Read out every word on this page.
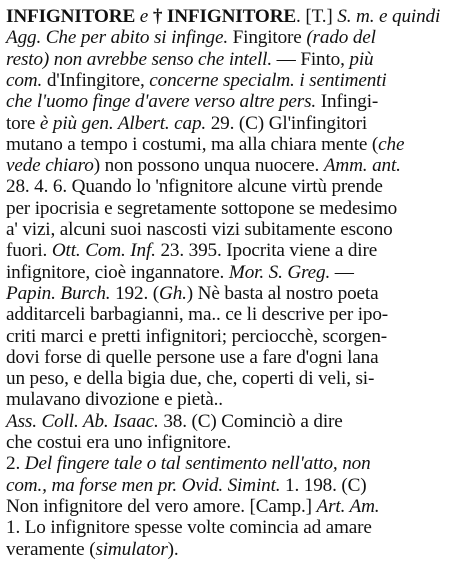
INFIGNITORE e † INFIGNITORE. [T.] S. m. e quindi
Agg. Che per abito si infinge. Fingitore (rado del
resto) non avrebbe senso che intell. — Finto, più
com. d'Infingitore, concerne specialm. i sentimenti
che l'uomo finge d'avere verso altre pers. Infingi-
tore è più gen. Albert. cap. 29. (C) Gl'infingitori
mutano a tempo i costumi, ma alla chiara mente (che
vede chiaro) non possono unqua nuocere. Amm. ant.
28. 4. 6. Quando lo 'nfignitore alcune virtù prende
per ipocrisia e segretamente sottopone se medesimo
a' vizi, alcuni suoi nascosti vizi subitamente escono
fuori. Ott. Com. Inf. 23. 395. Ipocrita viene a dire
infignitore, cioè ingannatore. Mor. S. Greg. —
Papin. Burch. 192. (Gh.) Nè basta al nostro poeta
additarceli barbagianni, ma.. ce li descrive per ipo-
criti marci e pretti infignitori; perciocchè, scorgen-
dovi forse di quelle persone use a fare d'ogni lana
un peso, e della bigia due, che, coperti di veli, si-
mulavano divozione e pietà..
Ass. Coll. Ab. Isaac. 38. (C) Cominciò a dire
che costui era uno infignitore.
2. Del fingere tale o tal sentimento nell'atto, non
com., ma forse men pr. Ovid. Simint. 1. 198. (C)
Non infignitore del vero amore. [Camp.] Art. Am.
1. Lo infignitore spesse volte comincia ad amare
veramente (simulator).
